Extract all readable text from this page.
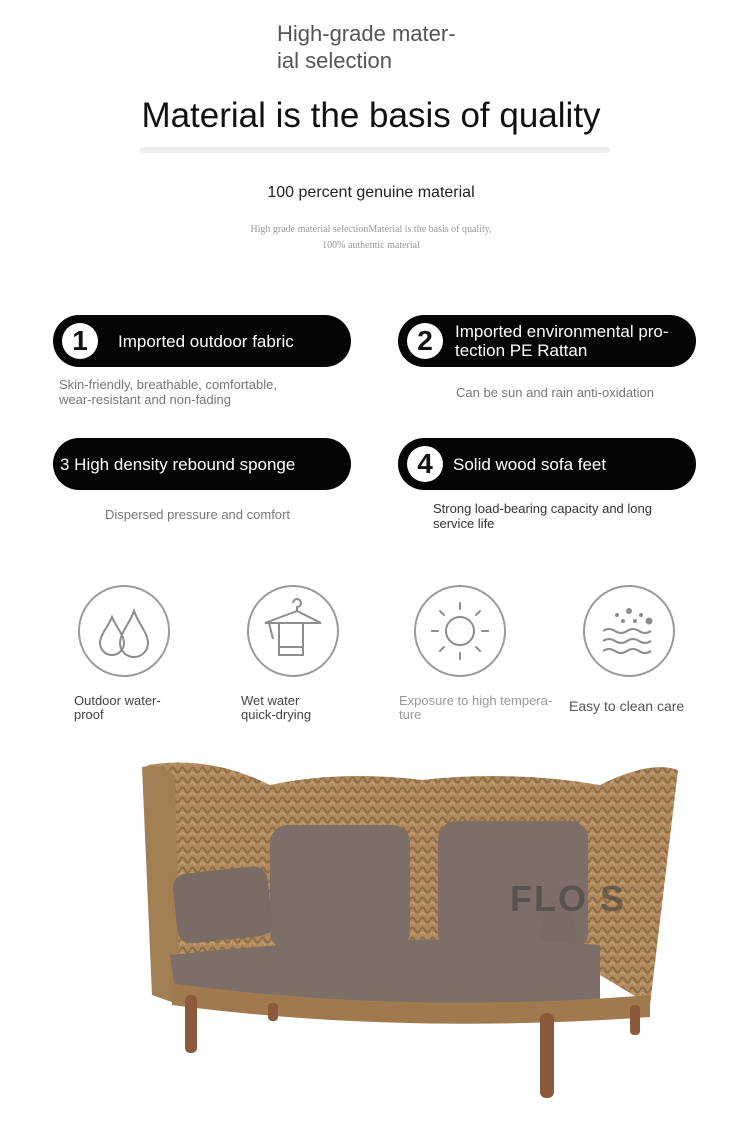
High-grade mater-
ial selection
Material is the basis of quality
100 percent genuine material
High grade material selectionMaterial is the basis of quality,
100% authentic material
1	Imported outdoor fabric
Skin-friendly, breathable, comfortable,
wear-resistant and non-fading
2	Imported environmental pro-
tection PE Rattan
Can be sun and rain anti-oxidation
3 High density rebound sponge
Dispersed pressure and comfort
4	Solid wood sofa feet
Strong load-bearing capacity and long
service life
Outdoor water-
proof
Wet water
quick-drying
Exposure to high tempera-
ture
Easy to clean care
FLO S
